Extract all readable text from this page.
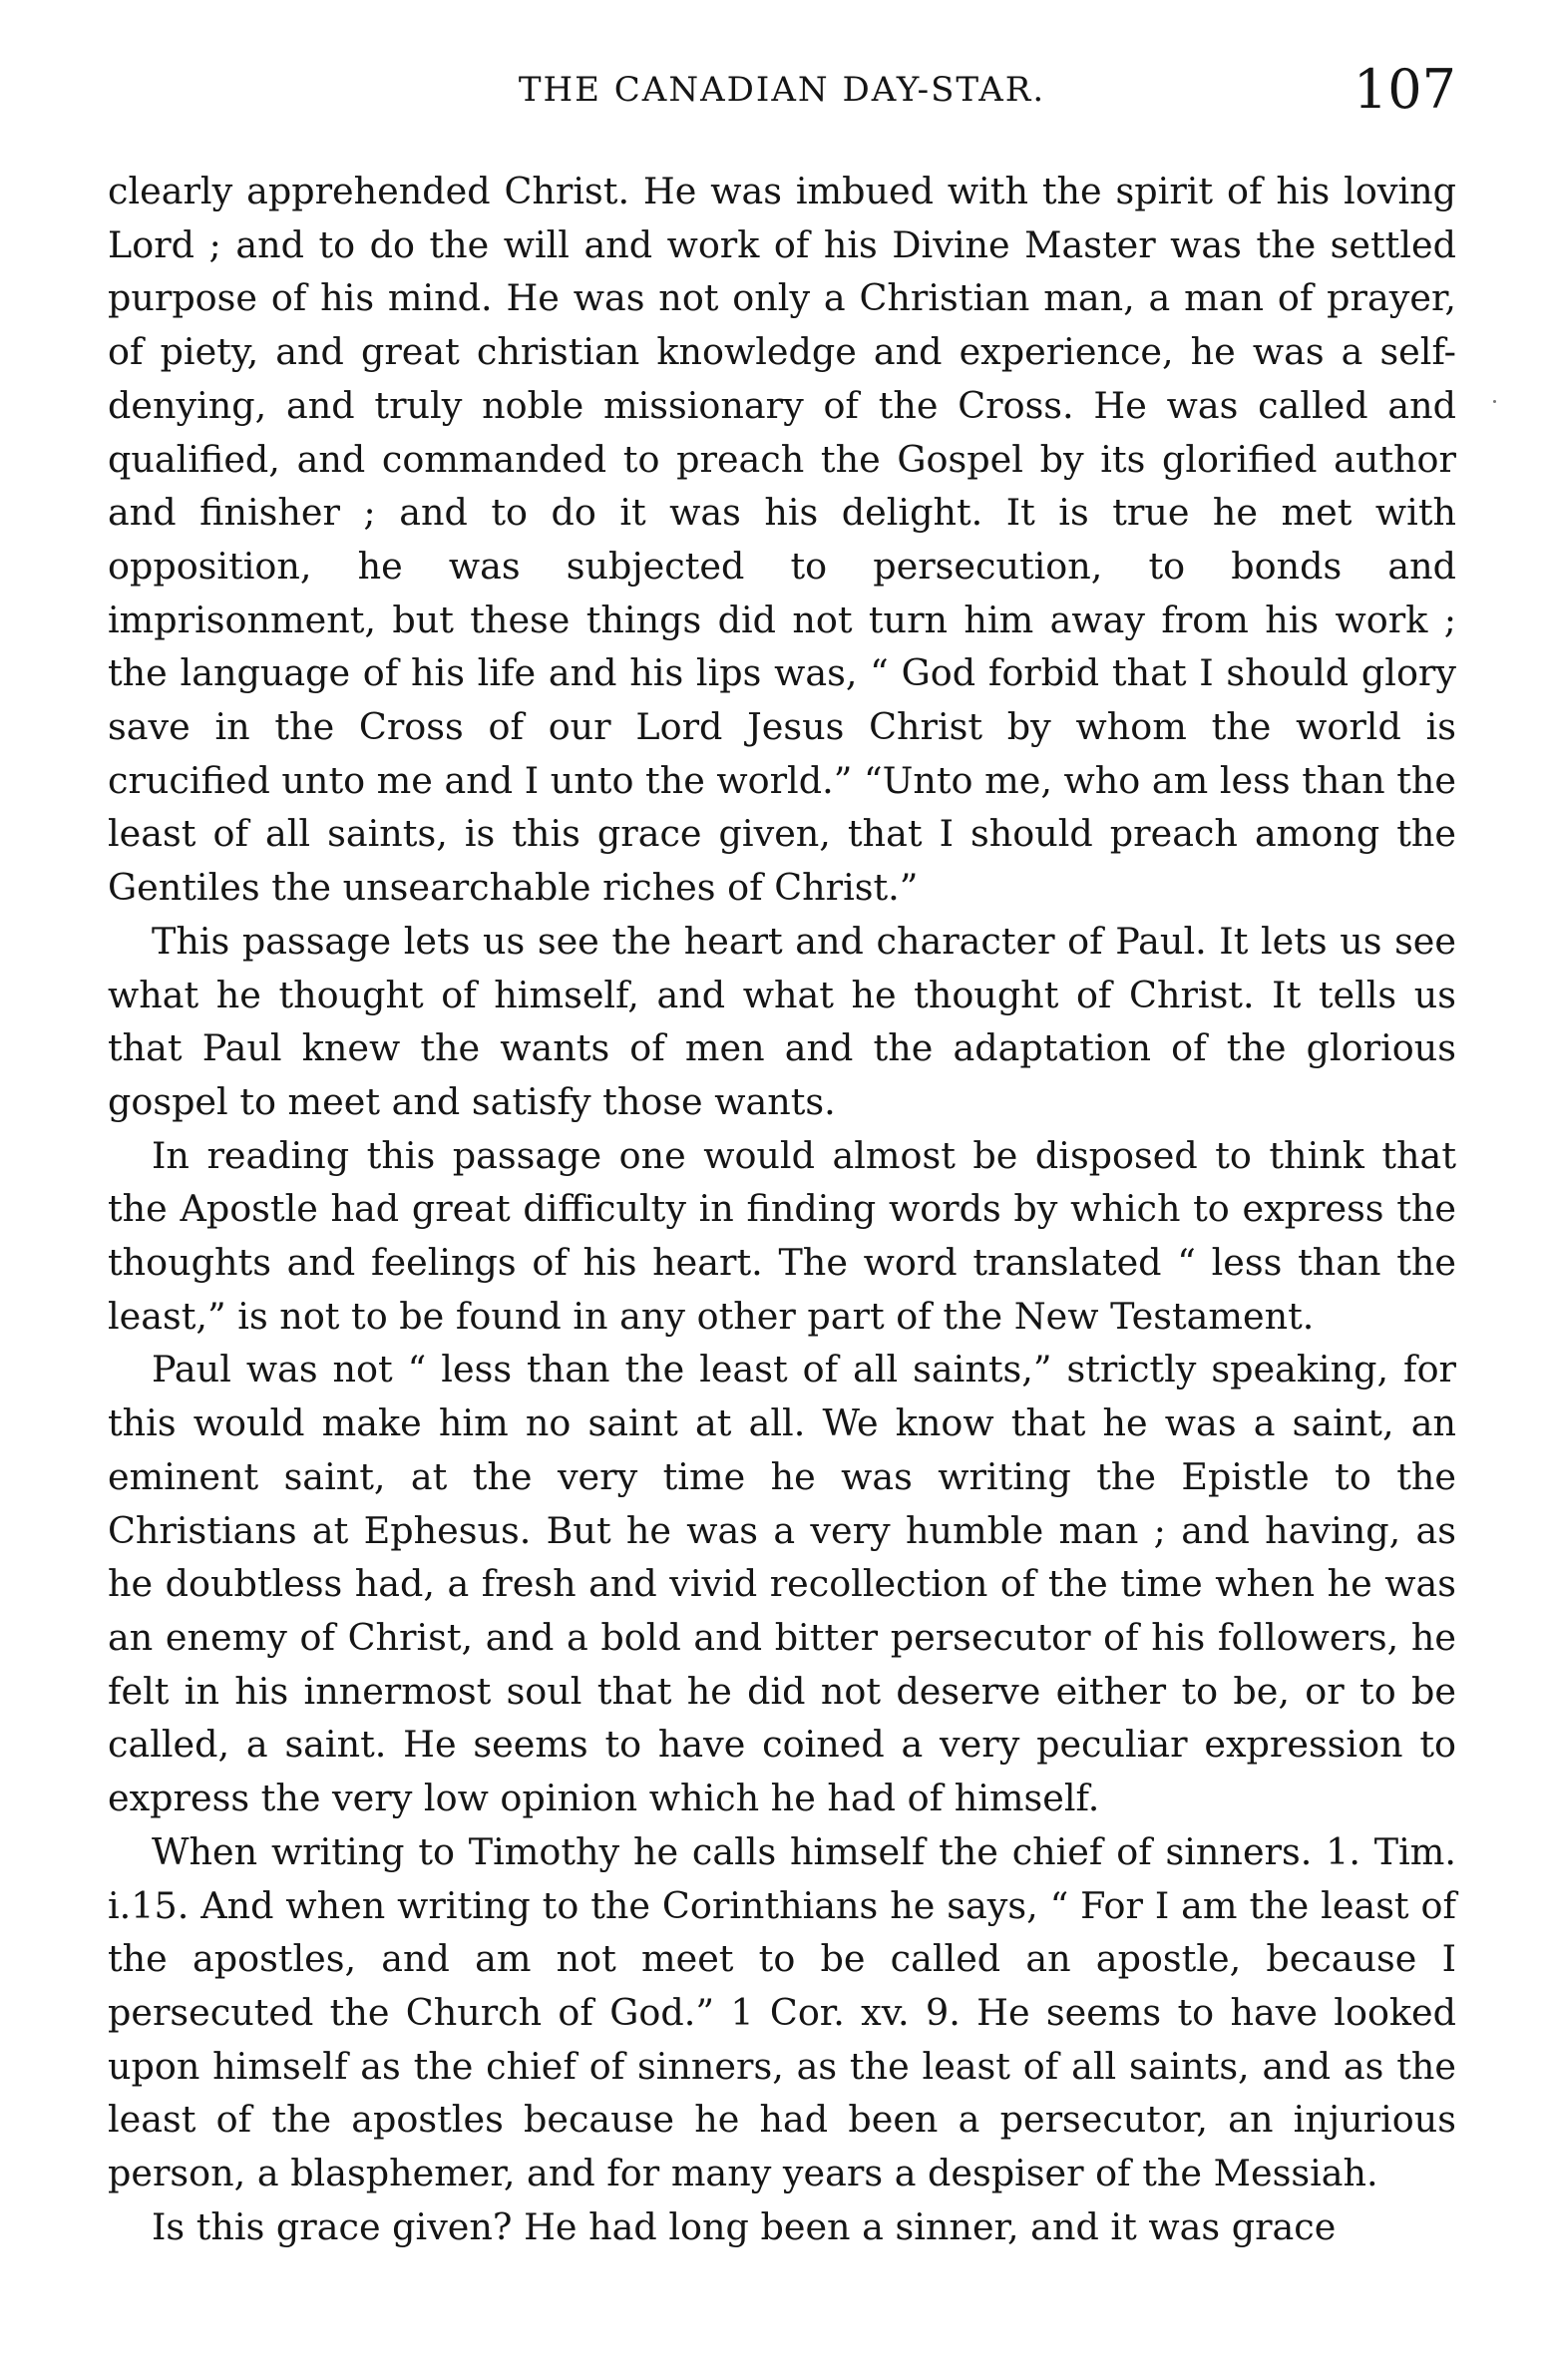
THE CANADIAN DAY-STAR.	107

clearly apprehended Christ. He was imbued with the spirit of his loving Lord ; and to do the will and work of his Divine Master was the settled purpose of his mind. He was not only a Christian man, a man of prayer, of piety, and great christian knowledge and experience, he was a self-denying, and truly noble missionary of the Cross. He was called and qualified, and commanded to preach the Gospel by its glorified author and finisher ; and to do it was his delight. It is true he met with opposition, he was subjected to persecution, to bonds and imprisonment, but these things did not turn him away from his work ; the language of his life and his lips was, “ God forbid that I should glory save in the Cross of our Lord Jesus Christ by whom the world is crucified unto me and I unto the world.” “Unto me, who am less than the least of all saints, is this grace given, that I should preach among the Gentiles the unsearchable riches of Christ.”

This passage lets us see the heart and character of Paul. It lets us see what he thought of himself, and what he thought of Christ. It tells us that Paul knew the wants of men and the adaptation of the glorious gospel to meet and satisfy those wants.

In reading this passage one would almost be disposed to think that the Apostle had great difficulty in finding words by which to express the thoughts and feelings of his heart. The word translated “ less than the least,” is not to be found in any other part of the New Testament.

Paul was not “ less than the least of all saints,” strictly speaking, for this would make him no saint at all. We know that he was a saint, an eminent saint, at the very time he was writing the Epistle to the Christians at Ephesus. But he was a very humble man ; and having, as he doubtless had, a fresh and vivid recollection of the time when he was an enemy of Christ, and a bold and bitter persecutor of his followers, he felt in his innermost soul that he did not deserve either to be, or to be called, a saint. He seems to have coined a very peculiar expression to express the very low opinion which he had of himself.

When writing to Timothy he calls himself the chief of sinners. 1. Tim. i.15. And when writing to the Corinthians he says, “ For I am the least of the apostles, and am not meet to be called an apostle, because I persecuted the Church of God.” 1 Cor. xv. 9. He seems to have looked upon himself as the chief of sinners, as the least of all saints, and as the least of the apostles because he had been a persecutor, an injurious person, a blasphemer, and for many years a despiser of the Messiah.

Is this grace given? He had long been a sinner, and it was grace
